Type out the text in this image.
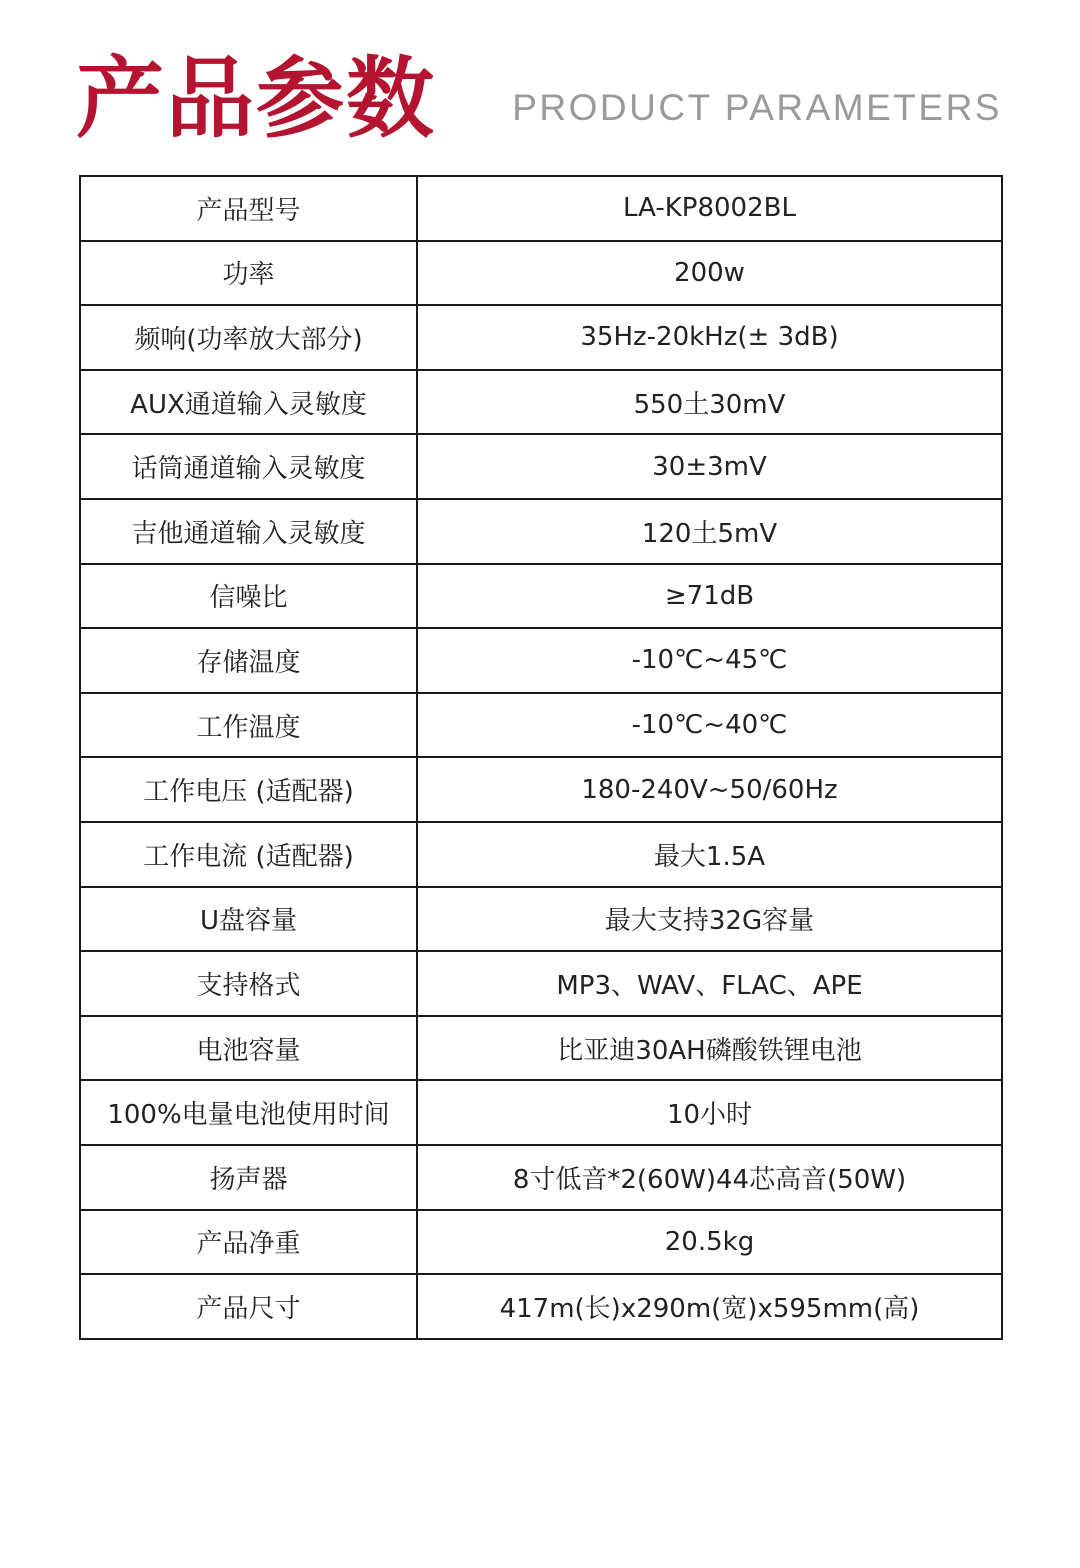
产品参数 PRODUCT PARAMETERS
产品型号	LA-KP8002BL
功率	200w
频响(功率放大部分)	35Hz-20kHz(± 3dB)
AUX通道输入灵敏度	550土30mV
话筒通道输入灵敏度	30±3mV
吉他通道输入灵敏度	120土5mV
信噪比	≥71dB
存储温度	-10℃~45℃
工作温度	-10℃~40℃
工作电压 (适配器)	180-240V~50/60Hz
工作电流 (适配器)	最大1.5A
U盘容量	最大支持32G容量
支持格式	MP3、WAV、FLAC、APE
电池容量	比亚迪30AH磷酸铁锂电池
100%电量电池使用时间	10小时
扬声器	8寸低音*2(60W)44芯高音(50W)
产品净重	20.5kg
产品尺寸	417m(长)x290m(宽)x595mm(高)
